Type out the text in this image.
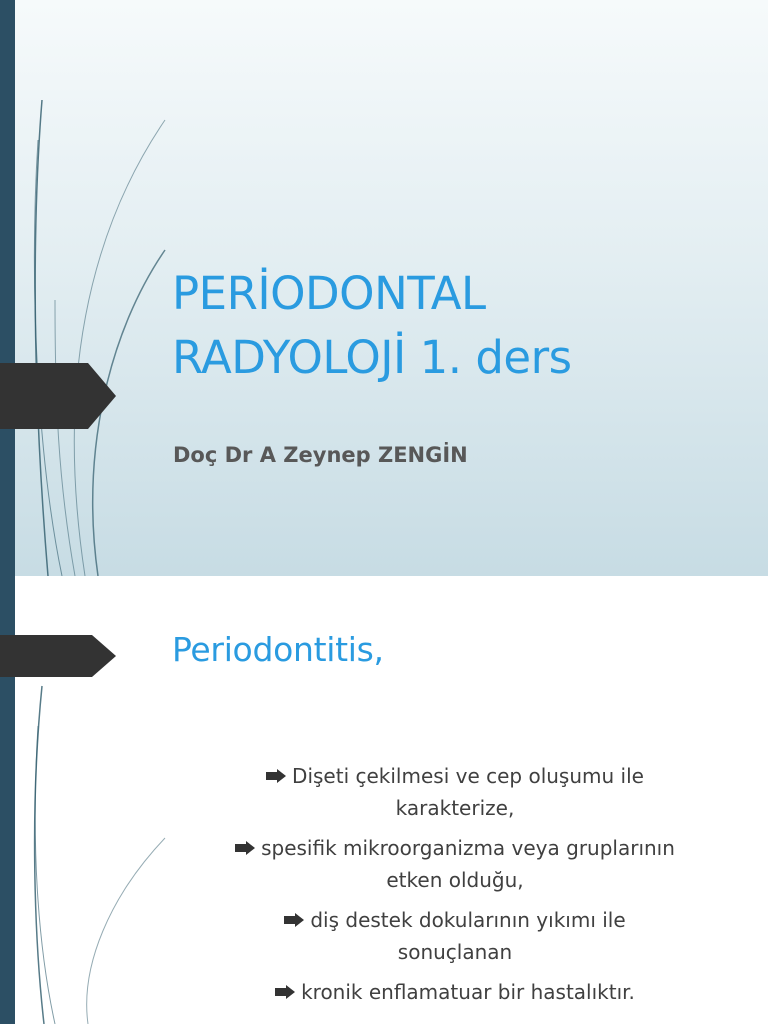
PERİODONTAL
RADYOLOJİ 1. ders

Doç Dr A Zeynep ZENGİN

Periodontitis,
Dişeti çekilmesi ve cep oluşumu ile
karakterize,
spesifik mikroorganizma veya gruplarının
etken olduğu,
diş destek dokularının yıkımı ile
sonuçlanan
kronik enflamatuar bir hastalıktır.
